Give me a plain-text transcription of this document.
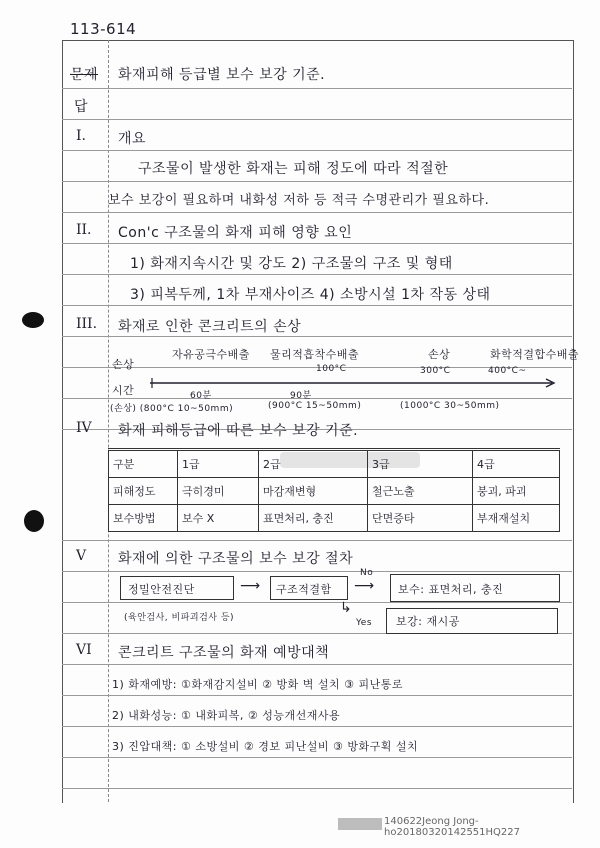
113-614
문제 화재피해 등급별 보수 보강 기준.
답
I. 개요
구조물이 발생한 화재는 피해 정도에 따라 적절한
보수 보강이 필요하며 내화성 저하 등 적극 수명관리가 필요하다.
II. Con'c 구조물의 화재 피해 영향 요인
1) 화재지속시간 및 강도 2) 구조물의 구조 및 형태
3) 피복두께, 1차 부재사이즈 4) 소방시설 1차 작동 상태
III. 화재로 인한 콘크리트의 손상
손상
자유공극수배출 물리적흡착수배출	손상	화학적결합수배출
100°C	300°C	400°C~
시간	60분	90분
(손상) (800°C 10~50mm)	(900°C 15~50mm)	(1000°C 30~50mm)
IV 화재 피해등급에 따른 보수 보강 기준.
구분	1급	2급	3급	4급
피해정도	극히경미	마감재변형	철근노출	붕괴, 파괴
보수방법	보수 X	표면처리, 충진	단면증타	부재재설치
V 화재에 의한 구조물의 보수 보강 절차
정밀안전진단	⟶ 구조적결함
No
⟶ 보수: 표면처리, 충진
(육안검사, 비파괴검사 등)
↳
Yes 보강: 재시공
VI 콘크리트 구조물의 화재 예방대책
1) 화재예방: ①화재감지설비 ② 방화 벽 설치 ③ 피난통로
2) 내화성능: ① 내화피복, ② 성능개선재사용
3) 진압대책: ① 소방설비 ② 경보 피난설비 ③ 방화구획 설치
140622Jeong Jong-ho20180320142551HQ227
